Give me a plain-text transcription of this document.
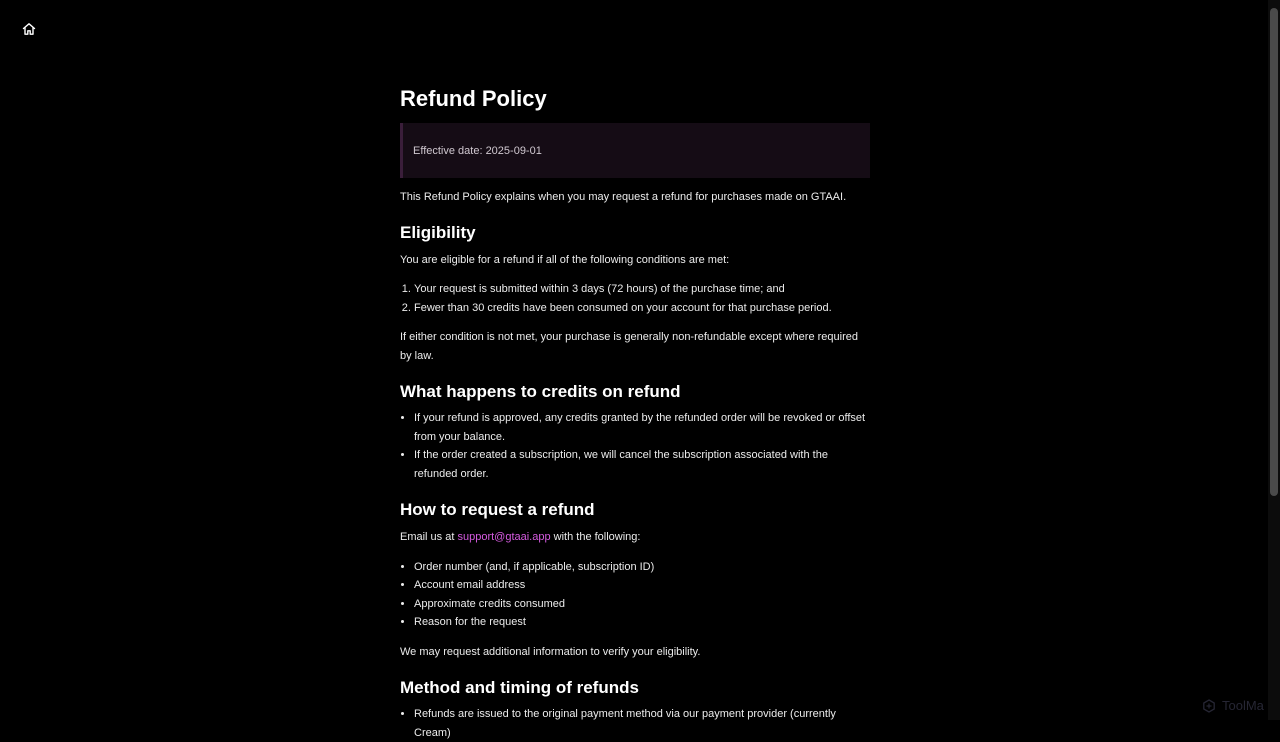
Refund Policy
Effective date: 2025-09-01

This Refund Policy explains when you may request a refund for purchases made on GTAAI.

Eligibility

You are eligible for a refund if all of the following conditions are met:

1. Your request is submitted within 3 days (72 hours) of the purchase time; and
2. Fewer than 30 credits have been consumed on your account for that purchase period.

If either condition is not met, your purchase is generally non-refundable except where required by law.

What happens to credits on refund
• If your refund is approved, any credits granted by the refunded order will be revoked or offset from your balance.
• If the order created a subscription, we will cancel the subscription associated with the refunded order.
How to request a refund

Email us at support@gtaai.app with the following:

• Order number (and, if applicable, subscription ID)
• Account email address
• Approximate credits consumed
• Reason for the request

We may request additional information to verify your eligibility.

Method and timing of refunds
• Refunds are issued to the original payment method via our payment provider (currently Cream)
ToolMa
